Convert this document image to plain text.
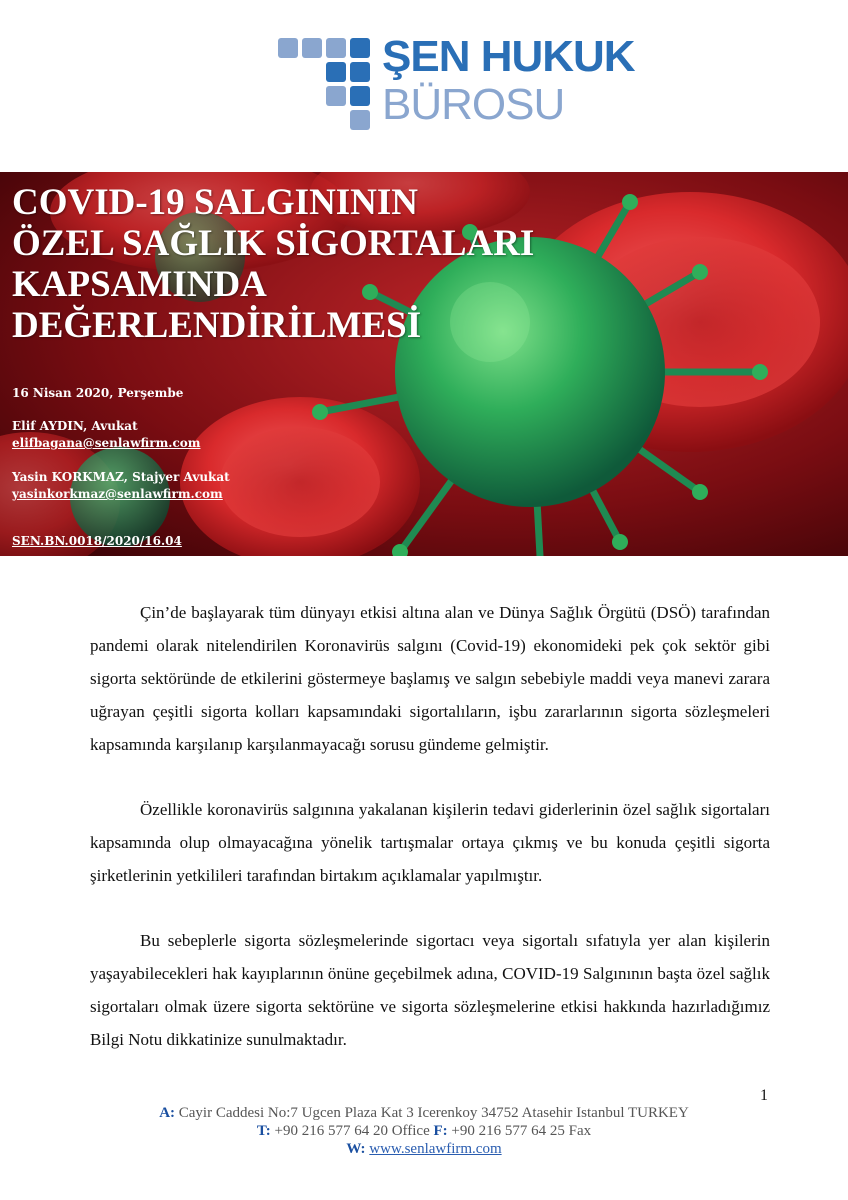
ŞEN HUKUK
BÜROSU
COVID-19 SALGINININ
ÖZEL SAĞLIK SİGORTALARI
KAPSAMINDA
DEĞERLENDİRİLMESİ
16 Nisan 2020, Perşembe
Elif AYDIN, Avukat
elifbagana@senlawfirm.com
Yasin KORKMAZ, Stajyer Avukat
yasinkorkmaz@senlawfirm.com
SEN.BN.0018/2020/16.04

Çin’de başlayarak tüm dünyayı etkisi altına alan ve Dünya Sağlık Örgütü (DSÖ) tarafından pandemi olarak nitelendirilen Koronavirüs salgını (Covid-19) ekonomideki pek çok sektör gibi sigorta sektöründe de etkilerini göstermeye başlamış ve salgın sebebiyle maddi veya manevi zarara uğrayan çeşitli sigorta kolları kapsamındaki sigortalıların, işbu zararlarının sigorta sözleşmeleri kapsamında karşılanıp karşılanmayacağı sorusu gündeme gelmiştir.

Özellikle koronavirüs salgınına yakalanan kişilerin tedavi giderlerinin özel sağlık sigortaları kapsamında olup olmayacağına yönelik tartışmalar ortaya çıkmış ve bu konuda çeşitli sigorta şirketlerinin yetkilileri tarafından birtakım açıklamalar yapılmıştır.

Bu sebeplerle sigorta sözleşmelerinde sigortacı veya sigortalı sıfatıyla yer alan kişilerin yaşayabilecekleri hak kayıplarının önüne geçebilmek adına, COVID-19 Salgınının başta özel sağlık sigortaları olmak üzere sigorta sektörüne ve sigorta sözleşmelerine etkisi hakkında hazırladığımız Bilgi Notu dikkatinize sunulmaktadır.

1
A: Cayir Caddesi No:7 Ugcen Plaza Kat 3 Icerenkoy 34752 Atasehir Istanbul TURKEY
T: +90 216 577 64 20 Office F: +90 216 577 64 25 Fax
W: www.senlawfirm.com
